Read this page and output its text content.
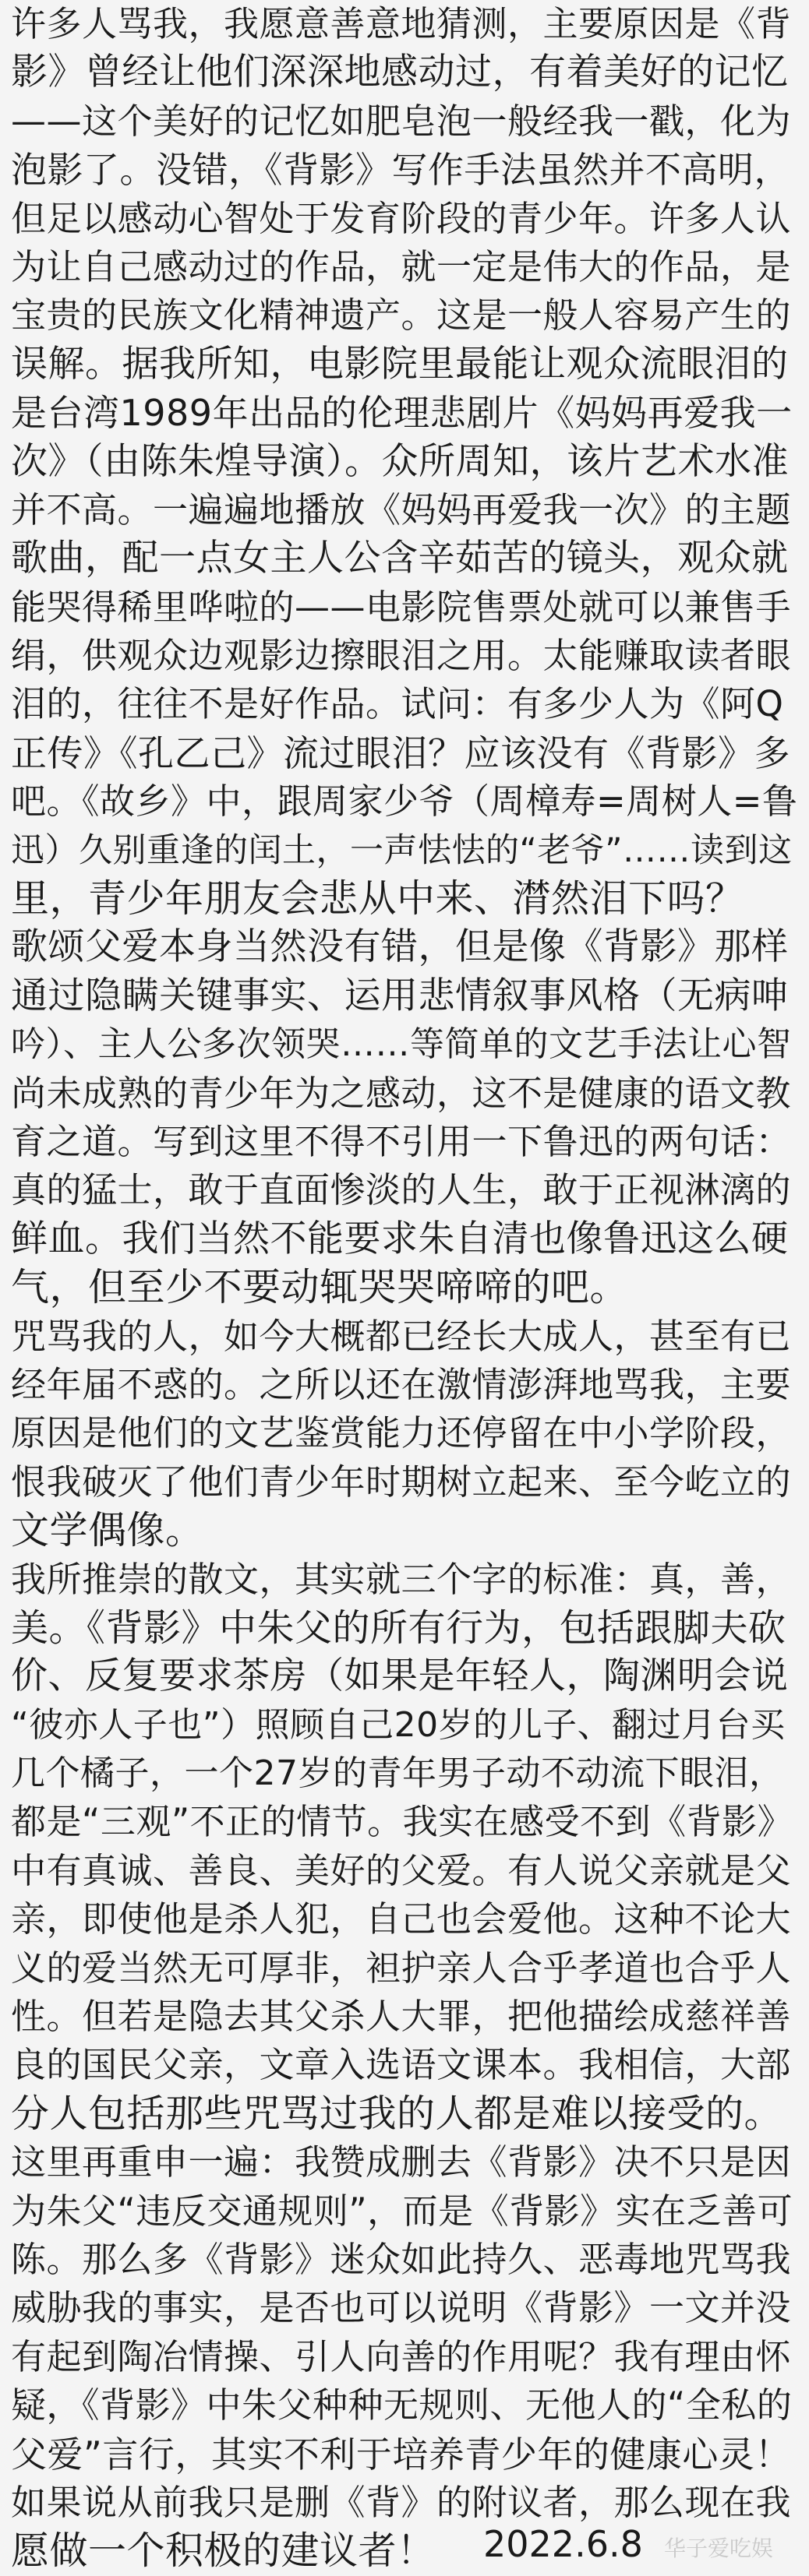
许多人骂我，我愿意善意地猜测，主要原因是《背
影》曾经让他们深深地感动过，有着美好的记忆
——这个美好的记忆如肥皂泡一般经我一戳，化为
泡影了。没错，《背影》写作手法虽然并不高明，
但足以感动心智处于发育阶段的青少年。许多人认
为让自己感动过的作品，就一定是伟大的作品，是
宝贵的民族文化精神遗产。这是一般人容易产生的
误解。据我所知，电影院里最能让观众流眼泪的
是台湾1989年出品的伦理悲剧片《妈妈再爱我一
次》（由陈朱煌导演）。众所周知，该片艺术水准
并不高。一遍遍地播放《妈妈再爱我一次》的主题
歌曲，配一点女主人公含辛茹苦的镜头，观众就
能哭得稀里哗啦的——电影院售票处就可以兼售手
绢，供观众边观影边擦眼泪之用。太能赚取读者眼
泪的，往往不是好作品。试问：有多少人为《阿Q
正传》《孔乙己》流过眼泪？应该没有《背影》多
吧。《故乡》中，跟周家少爷（周樟寿=周树人=鲁
迅）久别重逢的闰土，一声怯怯的“老爷”……读到这
里，青少年朋友会悲从中来、潸然泪下吗？
歌颂父爱本身当然没有错，但是像《背影》那样
通过隐瞒关键事实、运用悲情叙事风格（无病呻
吟）、主人公多次领哭……等简单的文艺手法让心智
尚未成熟的青少年为之感动，这不是健康的语文教
育之道。写到这里不得不引用一下鲁迅的两句话：
真的猛士，敢于直面惨淡的人生，敢于正视淋漓的
鲜血。我们当然不能要求朱自清也像鲁迅这么硬
气，但至少不要动辄哭哭啼啼的吧。
咒骂我的人，如今大概都已经长大成人，甚至有已
经年届不惑的。之所以还在激情澎湃地骂我，主要
原因是他们的文艺鉴赏能力还停留在中小学阶段，
恨我破灭了他们青少年时期树立起来、至今屹立的
文学偶像。
我所推崇的散文，其实就三个字的标准：真，善，
美。《背影》中朱父的所有行为，包括跟脚夫砍
价、反复要求茶房（如果是年轻人，陶渊明会说
“彼亦人子也”）照顾自己20岁的儿子、翻过月台买
几个橘子，一个27岁的青年男子动不动流下眼泪，
都是“三观”不正的情节。我实在感受不到《背影》
中有真诚、善良、美好的父爱。有人说父亲就是父
亲，即使他是杀人犯，自己也会爱他。这种不论大
义的爱当然无可厚非，袒护亲人合乎孝道也合乎人
性。但若是隐去其父杀人大罪，把他描绘成慈祥善
良的国民父亲，文章入选语文课本。我相信，大部
分人包括那些咒骂过我的人都是难以接受的。
这里再重申一遍：我赞成删去《背影》决不只是因
为朱父“违反交通规则”，而是《背影》实在乏善可
陈。那么多《背影》迷众如此持久、恶毒地咒骂我
威胁我的事实，是否也可以说明《背影》一文并没
有起到陶冶情操、引人向善的作用呢？我有理由怀
疑，《背影》中朱父种种无规则、无他人的“全私的
父爱”言行，其实不利于培养青少年的健康心灵！
如果说从前我只是删《背》的附议者，那么现在我
愿做一个积极的建议者！	2022.6.8 华子爱吃娱
